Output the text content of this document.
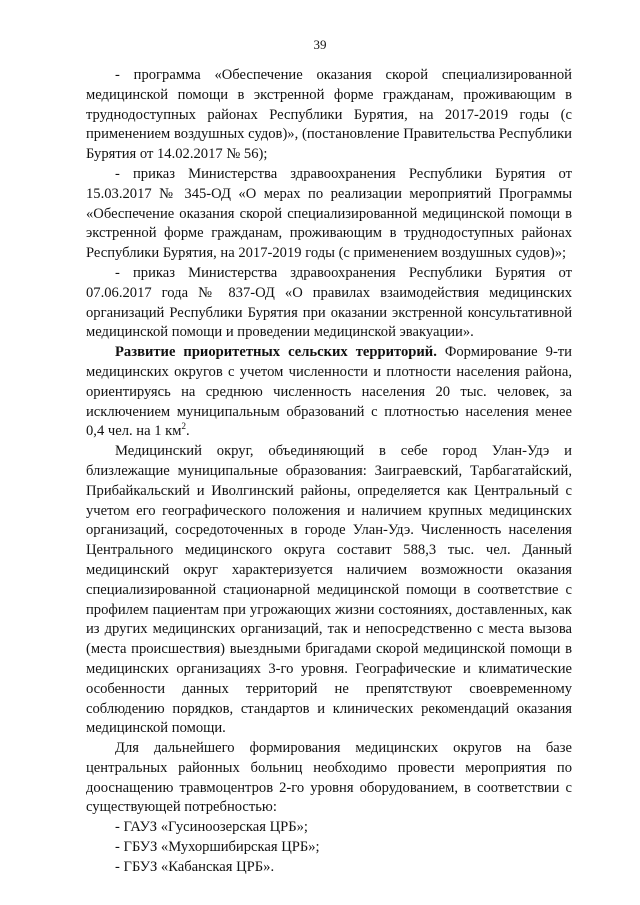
39

- программа «Обеспечение оказания скорой специализированной медицинской помощи в экстренной форме гражданам, проживающим в труднодоступных районах Республики Бурятия, на 2017-2019 годы (с применением воздушных судов)», (постановление Правительства Республики Бурятия от 14.02.2017 № 56);

- приказ Министерства здравоохранения Республики Бурятия от 15.03.2017 № 345-ОД «О мерах по реализации мероприятий Программы «Обеспечение оказания скорой специализированной медицинской помощи в экстренной форме гражданам, проживающим в труднодоступных районах Республики Бурятия, на 2017-2019 годы (с применением воздушных судов)»;

- приказ Министерства здравоохранения Республики Бурятия от 07.06.2017 года № 837-ОД «О правилах взаимодействия медицинских организаций Республики Бурятия при оказании экстренной консультативной медицинской помощи и проведении медицинской эвакуации».

Развитие приоритетных сельских территорий. Формирование 9-ти медицинских округов с учетом численности и плотности населения района, ориентируясь на среднюю численность населения 20 тыс. человек, за исключением муниципальным образований с плотностью населения менее 0,4 чел. на 1 $км^2$.

Медицинский округ, объединяющий в себе город Улан-Удэ и близлежащие муниципальные образования: Заиграевский, Тарбагатайский, Прибайкальский и Иволгинский районы, определяется как Центральный с учетом его географического положения и наличием крупных медицинских организаций, сосредоточенных в городе Улан-Удэ. Численность населения Центрального медицинского округа составит 588,3 тыс. чел. Данный медицинский округ характеризуется наличием возможности оказания специализированной стационарной медицинской помощи в соответствие с профилем пациентам при угрожающих жизни состояниях, доставленных, как из других медицинских организаций, так и непосредственно с места вызова (места происшествия) выездными бригадами скорой медицинской помощи в медицинских организациях 3-го уровня. Географические и климатические особенности данных территорий не препятствуют своевременному соблюдению порядков, стандартов и клинических рекомендаций оказания медицинской помощи.

Для дальнейшего формирования медицинских округов на базе центральных районных больниц необходимо провести мероприятия по дооснащению травмоцентров 2-го уровня оборудованием, в соответствии с существующей потребностью:

- ГАУЗ «Гусиноозерская ЦРБ»;

- ГБУЗ «Мухоршибирская ЦРБ»;

- ГБУЗ «Кабанская ЦРБ».
